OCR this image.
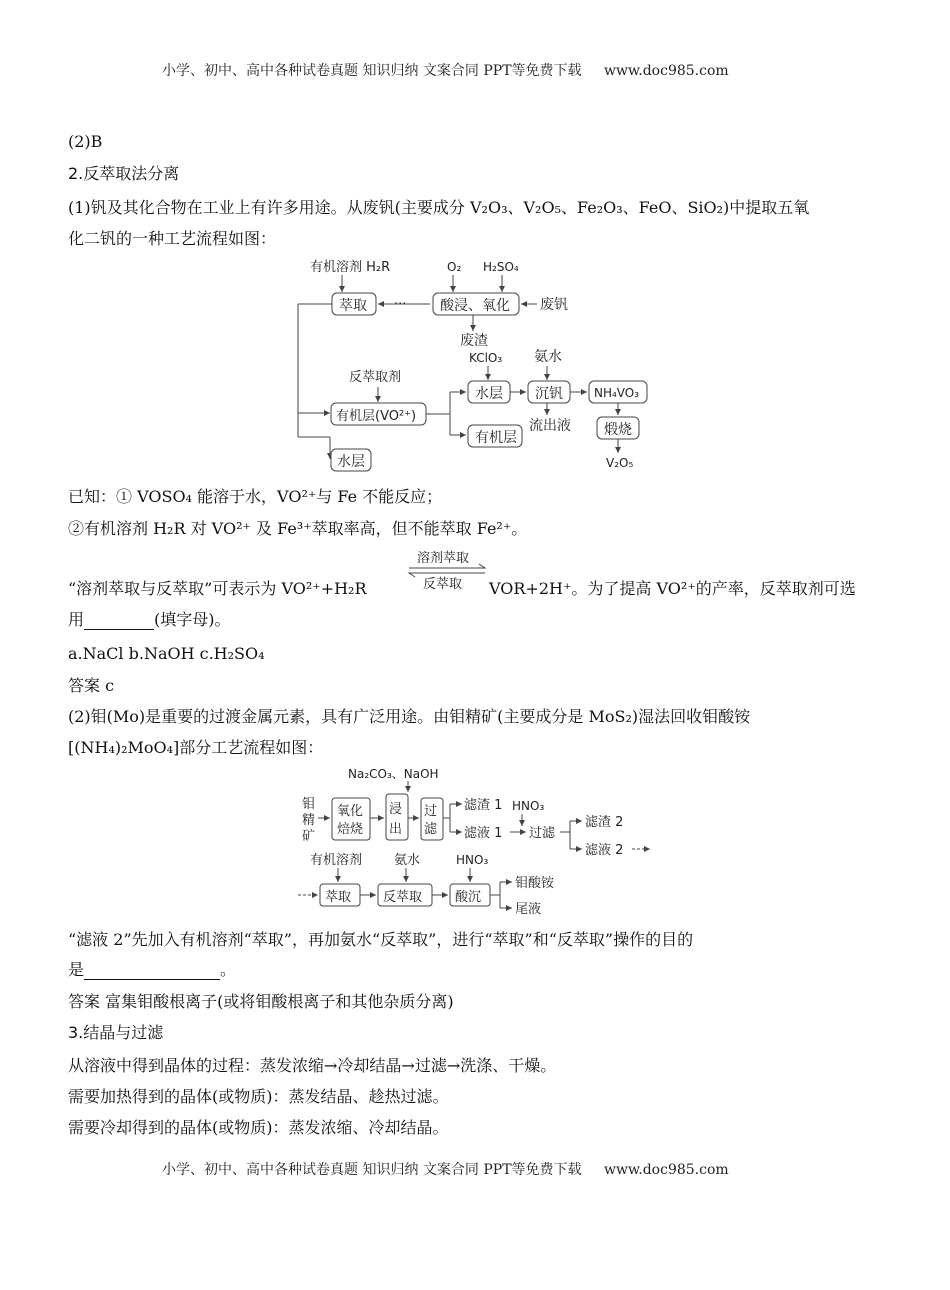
小学、初中、高中各种试卷真题 知识归纳 文案合同 PPT等免费下载 www.doc985.com
(2)B
2.反萃取法分离
(1)钒及其化合物在工业上有许多用途。从废钒(主要成分 V₂O₃、V₂O₅、Fe₂O₃、FeO、SiO₂)中提取五氧
化二钒的一种工艺流程如图：
有机溶剂 H₂R	O₂ H₂SO₄
萃取 ··· 酸浸、氧化 废钒
废渣
反萃取剂
有机层(VO²⁺)
水层
KClO₃
水层
有机层
氨水
沉钒
流出液
NH₄VO₃
煅烧
V₂O₅
已知：① VOSO₄ 能溶于水，VO²⁺与 Fe 不能反应；
②有机溶剂 H₂R 对 VO²⁺ 及 Fe³⁺萃取率高，但不能萃取 Fe²⁺。
“溶剂萃取与反萃取”可表示为 VO²⁺+H₂R
溶剂萃取
反萃取 VOR+2H⁺。为了提高 VO²⁺的产率，反萃取剂可选
用	(填字母)。
a.NaCl b.NaOH c.H₂SO₄
答案 c
(2)钼(Mo)是重要的过渡金属元素，具有广泛用途。由钼精矿(主要成分是 MoS₂)湿法回收钼酸铵
[(NH₄)₂MoO₄]部分工艺流程如图：
Na₂CO₃、NaOH
钼
精
矿
氧化
焙烧
浸
出
过
滤
滤渣 1
滤液 1
HNO₃
过滤
滤渣 2
滤液 2
有机溶剂 氨水	HNO₃
萃取 反萃取	酸沉
钼酸铵
尾液
“滤液 2”先加入有机溶剂“萃取”，再加氨水“反萃取”，进行“萃取”和“反萃取”操作的目的
是	。
答案 富集钼酸根离子(或将钼酸根离子和其他杂质分离)
3.结晶与过滤
从溶液中得到晶体的过程：蒸发浓缩→冷却结晶→过滤→洗涤、干燥。
需要加热得到的晶体(或物质)：蒸发结晶、趁热过滤。
需要冷却得到的晶体(或物质)：蒸发浓缩、冷却结晶。
小学、初中、高中各种试卷真题 知识归纳 文案合同 PPT等免费下载 www.doc985.com
